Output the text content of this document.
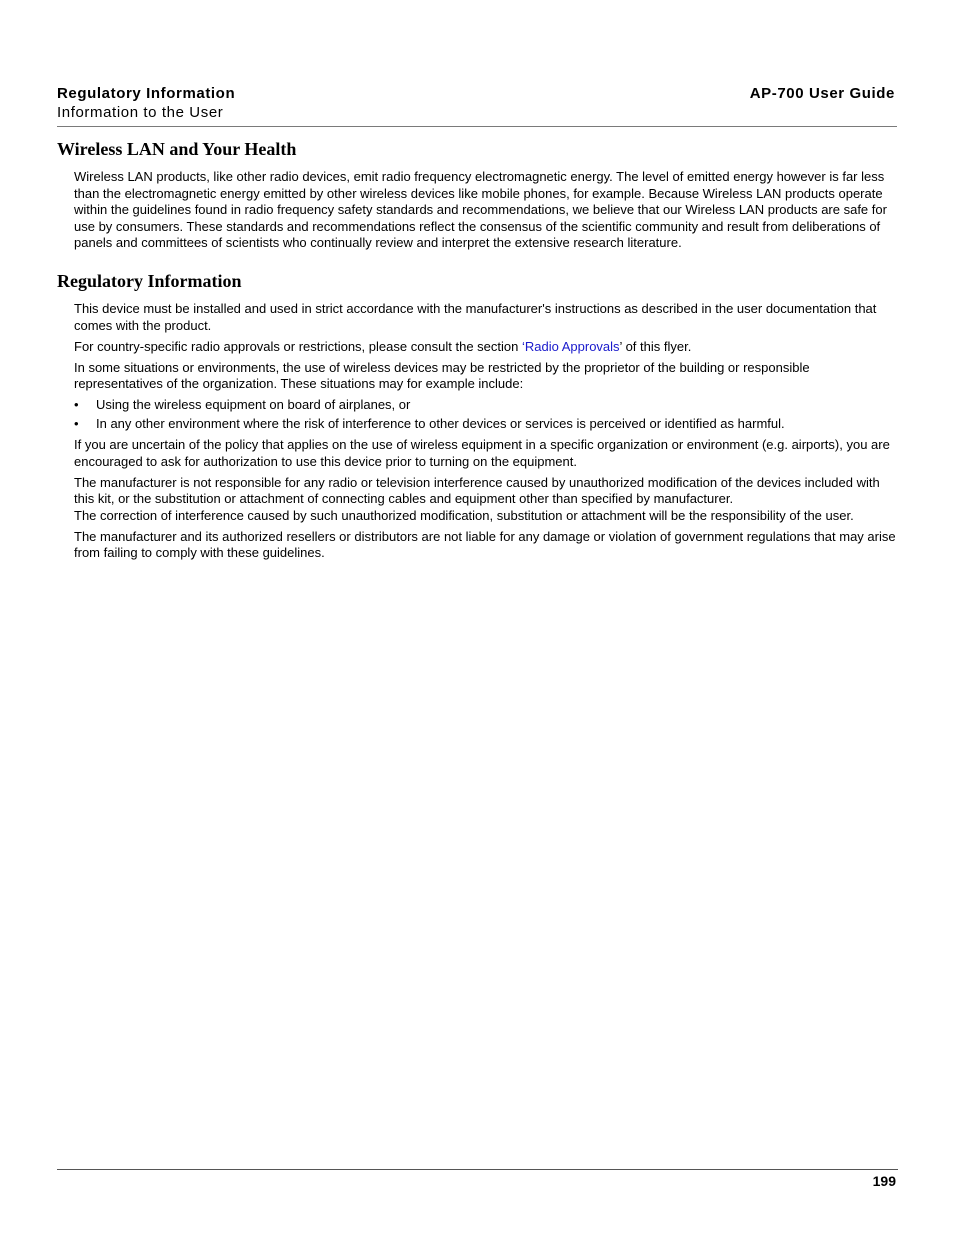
Regulatory Information
Information to the User
AP-700 User Guide
Wireless LAN and Your Health

Wireless LAN products, like other radio devices, emit radio frequency electromagnetic energy. The level of emitted energy however is far less than the electromagnetic energy emitted by other wireless devices like mobile phones, for example. Because Wireless LAN products operate within the guidelines found in radio frequency safety standards and recommendations, we believe that our Wireless LAN products are safe for use by consumers. These standards and recommendations reflect the consensus of the scientific community and result from deliberations of panels and committees of scientists who continually review and interpret the extensive research literature.

Regulatory Information

This device must be installed and used in strict accordance with the manufacturer's instructions as described in the user documentation that comes with the product.

For country-specific radio approvals or restrictions, please consult the section ‘Radio Approvals’ of this flyer.

In some situations or environments, the use of wireless devices may be restricted by the proprietor of the building or responsible representatives of the organization. These situations may for example include:

• Using the wireless equipment on board of airplanes, or
• In any other environment where the risk of interference to other devices or services is perceived or identified as harmful.

If you are uncertain of the policy that applies on the use of wireless equipment in a specific organization or environment (e.g. airports), you are encouraged to ask for authorization to use this device prior to turning on the equipment.

The manufacturer is not responsible for any radio or television interference caused by unauthorized modification of the devices included with this kit, or the substitution or attachment of connecting cables and equipment other than specified by manufacturer.

The correction of interference caused by such unauthorized modification, substitution or attachment will be the responsibility of the user.

The manufacturer and its authorized resellers or distributors are not liable for any damage or violation of government regulations that may arise from failing to comply with these guidelines.

199
